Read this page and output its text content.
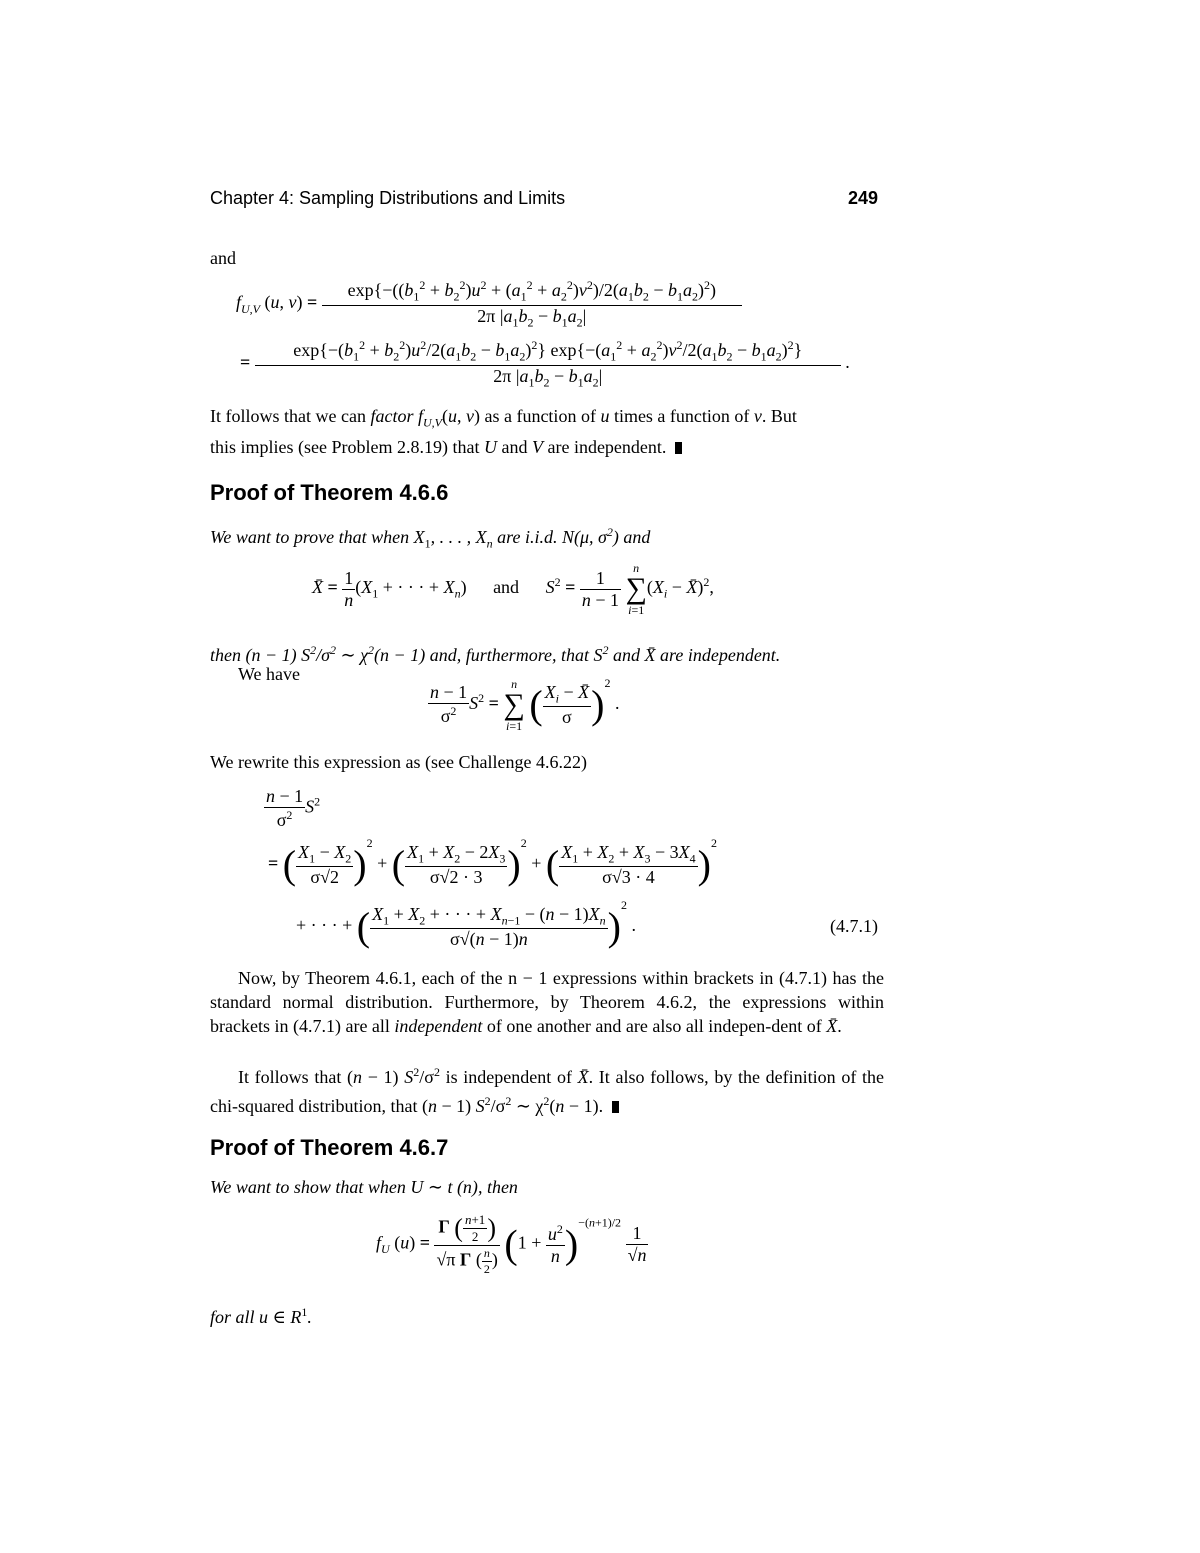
Chapter 4: Sampling Distributions and Limits	249
and
$f_{U,V}$ (u, $v) = \frac{\exp\{-((b_1^2 + b_2^2)u^2 + (a_1^2 + a_2^2)v^2)/2(a_1b_2 - b_1a_2)^2)}{2\pi |a_1b_2 - b_1a_2|}$
=
$\exp\{-(b_1^2 + b_2^2)u^2/2(a_1b_2 - b_1a_2)^2\} \exp\{-(a_1^2 + a_2^2)v^2/2(a_1b_2 - b_1a_2)^2\}$
2π $|a_1b_2 - b_1a_2|$
.
It follows that we can factor $f_{U,V}(u$, v) as a function of u times a function of v. But
this implies (see Problem 2.8.19) that U and V are independent.
Proof of Theorem 4.6.6
We want to prove that when $X_1$, . . . , $X_n$ are i.i.d. N(μ, $\sigma^2$) and
X̄ = $\frac{1}{n} (X_1$ + · · · + $X_n$) and $S^2 = \frac{1}{n - 1}$
	n
∑
i=1
($X_i$ − X̄)$^2$,
then (n − 1) $S^2/\sigma^2$ ∼ $\chi^2(n - 1)$ and, furthermore, that $S^2$ and X̄ are independent.
We have
$\frac{n - 1}{\sigma^2} S^2$ =
n
∑
i=1 ( $\frac{X_i - X̄}{\sigma} )^2$ .
We rewrite this expression as (see Challenge 4.6.22)
$\frac{n - 1}{\sigma^2} S^2$
= ( $\frac{X_1 - X_2}{\sigma√2} )^2$ + ( $\frac{X_1 + X_2 - 2X_3}{\sigma√2 \cdot 3} )^2$ + ( $\frac{X_1 + X_2 + X_3 - 3X_4}{\sigma√3 \cdot 4} )^2$
+ · · · + ( $\frac{X_1 + X_2 + \cdot \cdot \cdot + X_{n-1} - (n - 1)X_n}{\sigma√(n - 1)n} )^2$ .	(4.7.1)
Now, by Theorem 4.6.1, each of the n − 1 expressions within brackets in (4.7.1) has the standard normal distribution. Furthermore, by Theorem 4.6.2, the expressions within brackets in (4.7.1) are all independent of one another and are also all indepen-dent of X̄.
It follows that (n − 1) $S^2/\sigma^2$ is independent of X̄. It also follows, by the definition of the chi-squared distribution, that (n − 1) $S^2/\sigma^2$ ∼ $\chi^2(n - 1)$.
Proof of Theorem 4.6.7
We want to show that when U ∼ t (n), then
$f_U$ $(u) = \frac{\Gamma ( \frac{n+1}{2} )}{√\pi \Gamma ( \frac{n}{2} )} (1 + \frac{u^2}{n} )^{-(n+1)/2}$
$\frac{1}{√n}$
for all u ∈ $R^1$.
